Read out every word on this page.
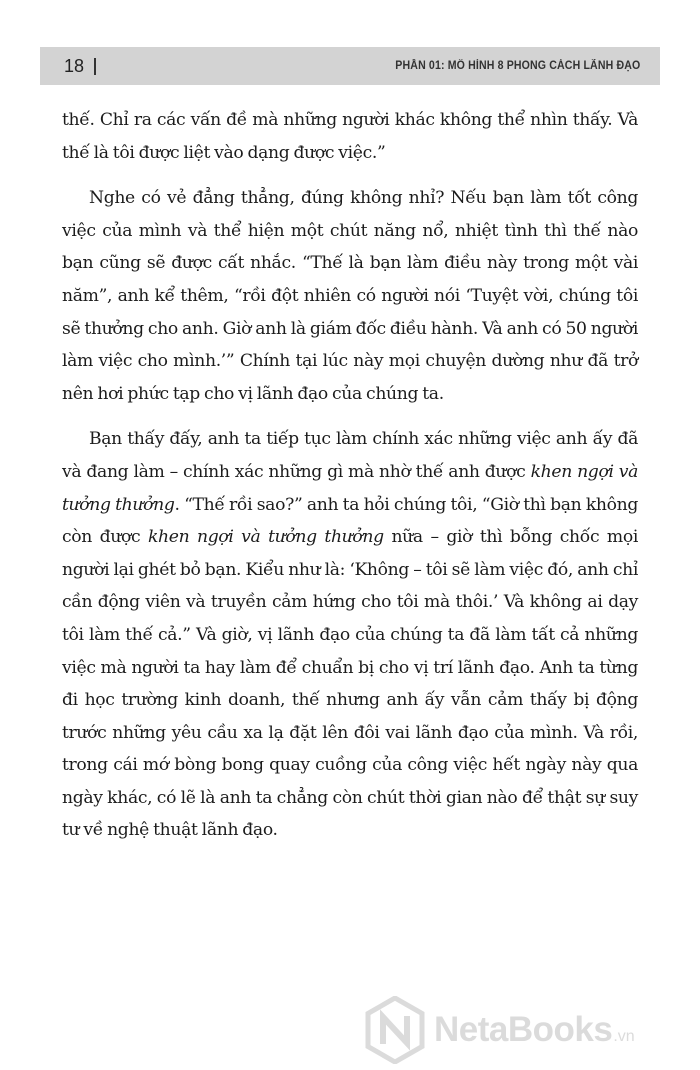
18	PHẦN 01: MÔ HÌNH 8 PHONG CÁCH LÃNH ĐẠO

thế. Chỉ ra các vấn đề mà những người khác không thể nhìn thấy. Và thế là tôi được liệt vào dạng được việc.”

Nghe có vẻ đẳng thẳng, đúng không nhỉ? Nếu bạn làm tốt công việc của mình và thể hiện một chút năng nổ, nhiệt tình thì thế nào bạn cũng sẽ được cất nhắc. “Thế là bạn làm điều này trong một vài năm”, anh kể thêm, “rồi đột nhiên có người nói ‘Tuyệt vời, chúng tôi sẽ thưởng cho anh. Giờ anh là giám đốc điều hành. Và anh có 50 người làm việc cho mình.’” Chính tại lúc này mọi chuyện dường như đã trở nên hơi phức tạp cho vị lãnh đạo của chúng ta.

Bạn thấy đấy, anh ta tiếp tục làm chính xác những việc anh ấy đã và đang làm – chính xác những gì mà nhờ thế anh được khen ngợi và tưởng thưởng. “Thế rồi sao?” anh ta hỏi chúng tôi, “Giờ thì bạn không còn được khen ngợi và tưởng thưởng nữa – giờ thì bỗng chốc mọi người lại ghét bỏ bạn. Kiểu như là: ‘Không – tôi sẽ làm việc đó, anh chỉ cần động viên và truyền cảm hứng cho tôi mà thôi.’ Và không ai dạy tôi làm thế cả.” Và giờ, vị lãnh đạo của chúng ta đã làm tất cả những việc mà người ta hay làm để chuẩn bị cho vị trí lãnh đạo. Anh ta từng đi học trường kinh doanh, thế nhưng anh ấy vẫn cảm thấy bị động trước những yêu cầu xa lạ đặt lên đôi vai lãnh đạo của mình. Và rồi, trong cái mớ bòng bong quay cuồng của công việc hết ngày này qua ngày khác, có lẽ là anh ta chẳng còn chút thời gian nào để thật sự suy tư về nghệ thuật lãnh đạo.

NetaBooks.vn
